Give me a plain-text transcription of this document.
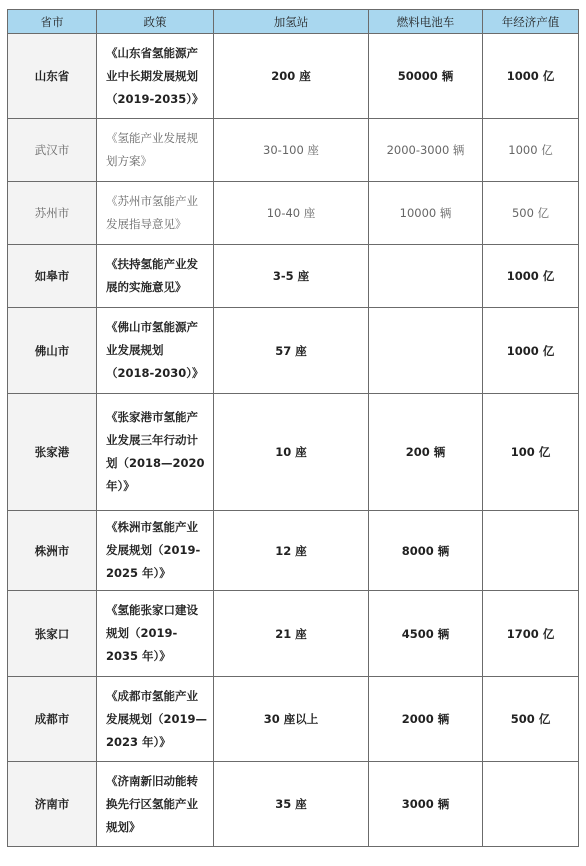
省市	政策	加氢站	燃料电池车	年经济产值
山东省	《山东省氢能源产业中长期发展规划（2019-2035）》	200 座	50000 辆	1000 亿
武汉市	《氢能产业发展规划方案》	30-100 座	2000-3000 辆	1000 亿
苏州市	《苏州市氢能产业发展指导意见》	10-40 座	10000 辆	500 亿
如皋市	《扶持氢能产业发展的实施意见》	3-5 座		1000 亿
佛山市	《佛山市氢能源产业发展规划（2018-2030）》	57 座		1000 亿
张家港	《张家港市氢能产业发展三年行动计划（2018—2020 年）》	10 座	200 辆	100 亿
株洲市	《株洲市氢能产业发展规划（2019-2025 年）》	12 座	8000 辆	
张家口	《氢能张家口建设规划（2019-2035 年）》	21 座	4500 辆	1700 亿
成都市	《成都市氢能产业发展规划（2019—2023 年）》	30 座以上	2000 辆	500 亿
济南市	《济南新旧动能转换先行区氢能产业规划》	35 座	3000 辆	
